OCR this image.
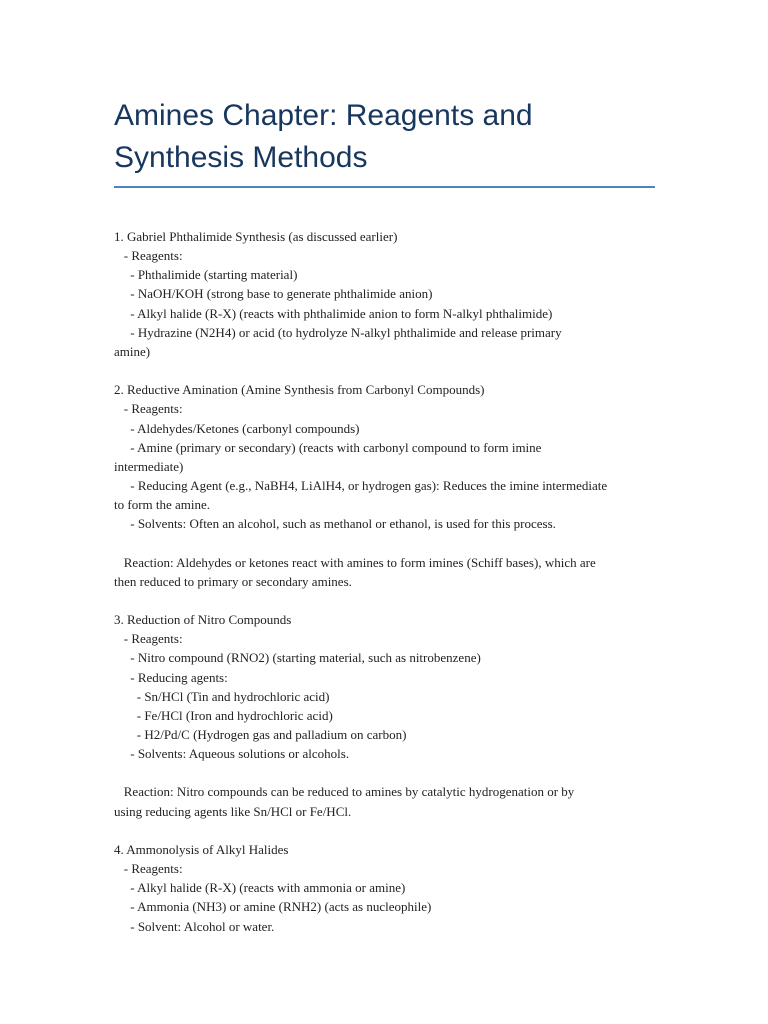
Amines Chapter: Reagents and
Synthesis Methods
1. Gabriel Phthalimide Synthesis (as discussed earlier)
- Reagents:
- Phthalimide (starting material)
- NaOH/KOH (strong base to generate phthalimide anion)
- Alkyl halide (R-X) (reacts with phthalimide anion to form N-alkyl phthalimide)
- Hydrazine (N2H4) or acid (to hydrolyze N-alkyl phthalimide and release primary
amine)
2. Reductive Amination (Amine Synthesis from Carbonyl Compounds)
- Reagents:
- Aldehydes/Ketones (carbonyl compounds)
- Amine (primary or secondary) (reacts with carbonyl compound to form imine
intermediate)
- Reducing Agent (e.g., NaBH4, LiAlH4, or hydrogen gas): Reduces the imine intermediate
to form the amine.
- Solvents: Often an alcohol, such as methanol or ethanol, is used for this process.
Reaction: Aldehydes or ketones react with amines to form imines (Schiff bases), which are
then reduced to primary or secondary amines.
3. Reduction of Nitro Compounds
- Reagents:
- Nitro compound (RNO2) (starting material, such as nitrobenzene)
- Reducing agents:
- Sn/HCl (Tin and hydrochloric acid)
- Fe/HCl (Iron and hydrochloric acid)
- H2/Pd/C (Hydrogen gas and palladium on carbon)
- Solvents: Aqueous solutions or alcohols.
Reaction: Nitro compounds can be reduced to amines by catalytic hydrogenation or by
using reducing agents like Sn/HCl or Fe/HCl.
4. Ammonolysis of Alkyl Halides
- Reagents:
- Alkyl halide (R-X) (reacts with ammonia or amine)
- Ammonia (NH3) or amine (RNH2) (acts as nucleophile)
- Solvent: Alcohol or water.
